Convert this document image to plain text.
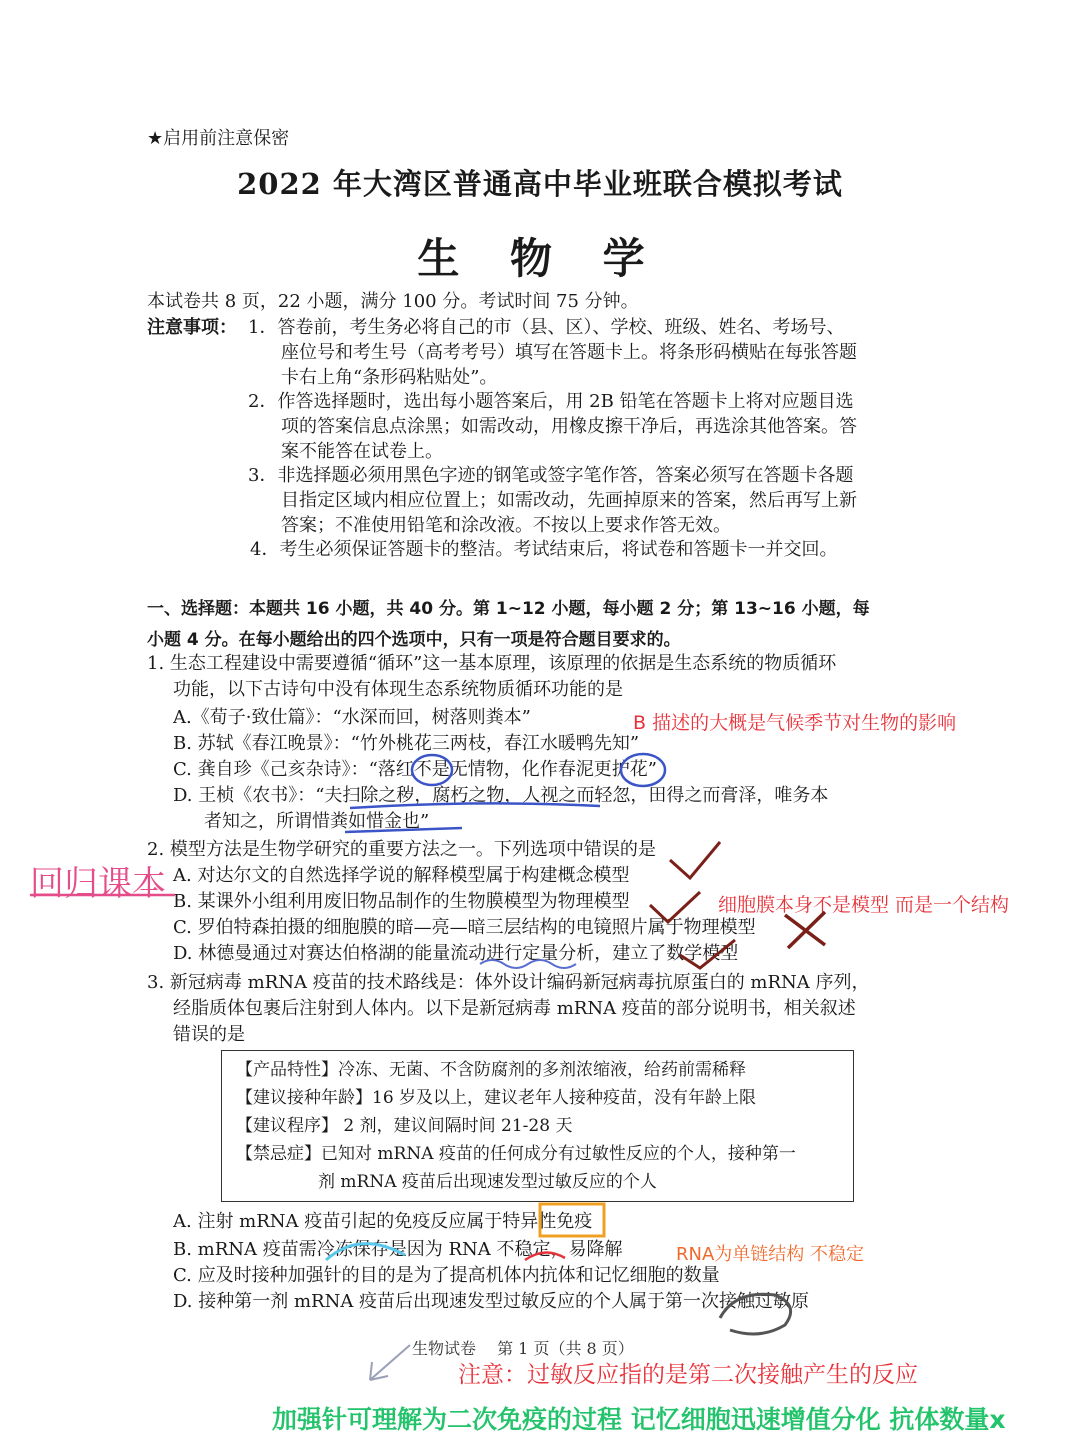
★启用前注意保密
2022 年大湾区普通高中毕业班联合模拟考试
生 物 学
本试卷共 8 页，22 小题，满分 100 分。考试时间 75 分钟。
注意事项： 1．答卷前，考生务必将自己的市（县、区）、学校、班级、姓名、考场号、
座位号和考生号（高考考号）填写在答题卡上。将条形码横贴在每张答题
卡右上角“条形码粘贴处”。
2．作答选择题时，选出每小题答案后，用 2B 铅笔在答题卡上将对应题目选
项的答案信息点涂黑；如需改动，用橡皮擦干净后，再选涂其他答案。答
案不能答在试卷上。
3．非选择题必须用黑色字迹的钢笔或签字笔作答，答案必须写在答题卡各题
目指定区域内相应位置上；如需改动，先画掉原来的答案，然后再写上新
答案；不准使用铅笔和涂改液。不按以上要求作答无效。
4．考生必须保证答题卡的整洁。考试结束后，将试卷和答题卡一并交回。
一、选择题：本题共 16 小题，共 40 分。第 1~12 小题，每小题 2 分；第 13~16 小题，每
小题 4 分。在每小题给出的四个选项中，只有一项是符合题目要求的。
1. 生态工程建设中需要遵循“循环”这一基本原理，该原理的依据是生态系统的物质循环
功能，以下古诗句中没有体现生态系统物质循环功能的是
A.《荀子·致仕篇》：“水深而回，树落则粪本”
B. 苏轼《春江晚景》：“竹外桃花三两枝，春江水暖鸭先知”
C. 龚自珍《己亥杂诗》：“落红不是无情物，化作春泥更护花”
D. 王桢《农书》：“夫扫除之秽，腐朽之物，人视之而轻忽，田得之而膏泽，唯务本
者知之，所谓惜粪如惜金也”
2. 模型方法是生物学研究的重要方法之一。下列选项中错误的是
A. 对达尔文的自然选择学说的解释模型属于构建概念模型
B. 某课外小组利用废旧物品制作的生物膜模型为物理模型
C. 罗伯特森拍摄的细胞膜的暗—亮—暗三层结构的电镜照片属于物理模型
D. 林德曼通过对赛达伯格湖的能量流动进行定量分析，建立了数学模型
3. 新冠病毒 mRNA 疫苗的技术路线是：体外设计编码新冠病毒抗原蛋白的 mRNA 序列，
经脂质体包裹后注射到人体内。以下是新冠病毒 mRNA 疫苗的部分说明书，相关叙述
错误的是
【产品特性】冷冻、无菌、不含防腐剂的多剂浓缩液，给药前需稀释
【建议接种年龄】16 岁及以上，建议老年人接种疫苗，没有年龄上限
【建议程序】 2 剂，建议间隔时间 21-28 天
【禁忌症】已知对 mRNA 疫苗的任何成分有过敏性反应的个人，接种第一
剂 mRNA 疫苗后出现速发型过敏反应的个人
A. 注射 mRNA 疫苗引起的免疫反应属于特异性免疫
B. mRNA 疫苗需冷冻保存是因为 RNA 不稳定，易降解
C. 应及时接种加强针的目的是为了提高机体内抗体和记忆细胞的数量
D. 接种第一剂 mRNA 疫苗后出现速发型过敏反应的个人属于第一次接触过敏原
生物试卷　 第 1 页（共 8 页）
B 描述的大概是气候季节对生物的影响
回归课本
细胞膜本身不是模型 而是一个结构
RNA为单链结构 不稳定
注意：过敏反应指的是第二次接触产生的反应
加强针可理解为二次免疫的过程 记忆细胞迅速增值分化 抗体数量x
